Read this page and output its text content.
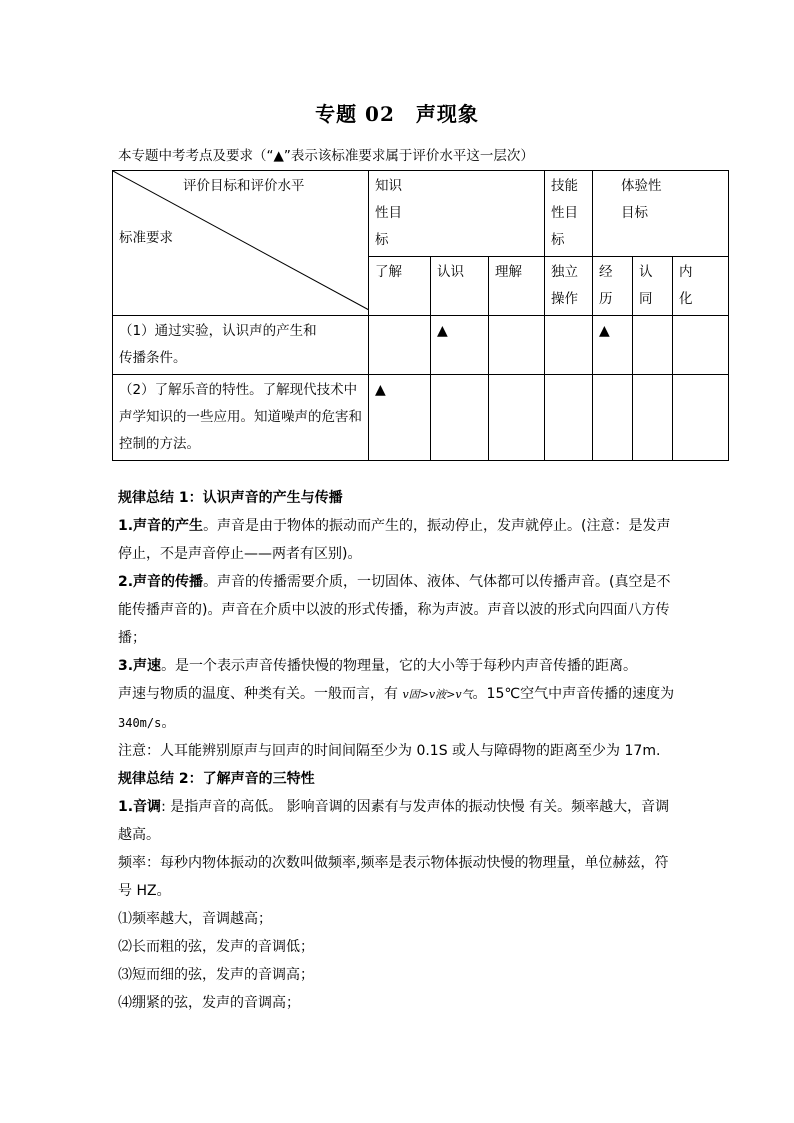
专题 02　声现象
本专题中考考点及要求（“▲”表示该标准要求属于评价水平这一层次）
评价目标和评价水平
标准要求	知识性目标			技能性目标	体验性目标		

	了解	认识	理解	独立操作	经历	认同	内化

（1）通过实验，认识声的产生和传播条件。		▲			▲		

（2）了解乐音的特性。了解现代技术中声学知识的一些应用。知道噪声的危害和控制的方法。	▲						

规律总结 1：认识声音的产生与传播

1.声音的产生。声音是由于物体的振动而产生的，振动停止，发声就停止。(注意：是发声停止，不是声音停止——两者有区别)。

2.声音的传播。声音的传播需要介质，一切固体、液体、气体都可以传播声音。(真空是不能传播声音的)。声音在介质中以波的形式传播，称为声波。声音以波的形式向四面八方传播；

3.声速。是一个表示声音传播快慢的物理量，它的大小等于每秒内声音传播的距离。

声速与物质的温度、种类有关。一般而言，有 v固>v液>v气。15℃空气中声音传播的速度为
340m/s。

注意：人耳能辨别原声与回声的时间间隔至少为 0.1S 或人与障碍物的距离至少为 17m.

规律总结 2：了解声音的三特性

1.音调: 是指声音的高低。 影响音调的因素有与发声体的振动快慢 有关。频率越大，音调越高。

频率：每秒内物体振动的次数叫做频率,频率是表示物体振动快慢的物理量，单位赫兹，符号 HZ。

⑴频率越大，音调越高；

⑵长而粗的弦，发声的音调低；

⑶短而细的弦，发声的音调高；

⑷绷紧的弦，发声的音调高；
